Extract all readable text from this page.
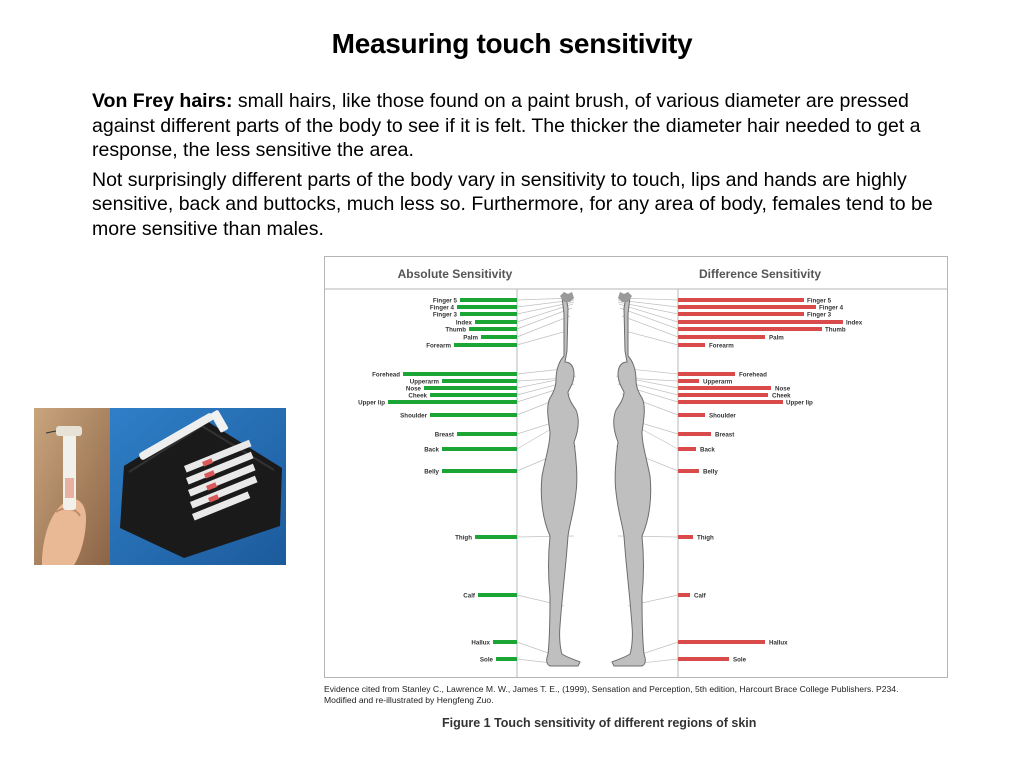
Measuring touch sensitivity

Von Frey hairs: small hairs, like those found on a paint brush, of various diameter are pressed against different parts of the body to see if it is felt. The thicker the diameter hair needed to get a response, the less sensitive the area.

Not surprisingly different parts of the body vary in sensitivity to touch, lips and hands are highly sensitive, back and buttocks, much less so. Furthermore, for any area of body, females tend to be more sensitive than males.

Absolute Sensitivity	Difference Sensitivity
Finger 5
Finger 4
Finger 3
Index
Thumb
Palm
Forearm
Forehead
Upperarm
Nose
Cheek
Upper lip
Shoulder
Breast
Back
Belly
Thigh
Calf
Hallux
Sole
Finger 5
Finger 4
Finger 3
Index
Thumb
Palm
Forearm
Forehead
Upperarm
Nose
Cheek
Upper lip
Shoulder
Breast
Back
Belly
Thigh
Calf
Hallux
Sole
Evidence cited from Stanley C., Lawrence M. W., James T. E., (1999), Sensation and Perception, 5th edition, Harcourt Brace College Publishers. P234.
Modified and re-illustrated by Hengfeng Zuo.
Figure 1 Touch sensitivity of different regions of skin
